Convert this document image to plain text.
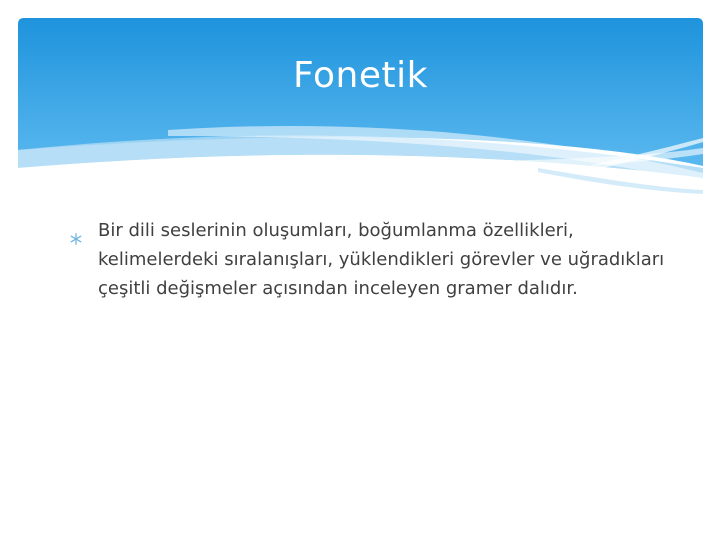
Fonetik
Bir dili seslerinin oluşumları, boğumlanma özellikleri, kelimelerdeki sıralanışları, yüklendikleri görevler ve uğradıkları çeşitli değişmeler açısından inceleyen gramer dalıdır.
